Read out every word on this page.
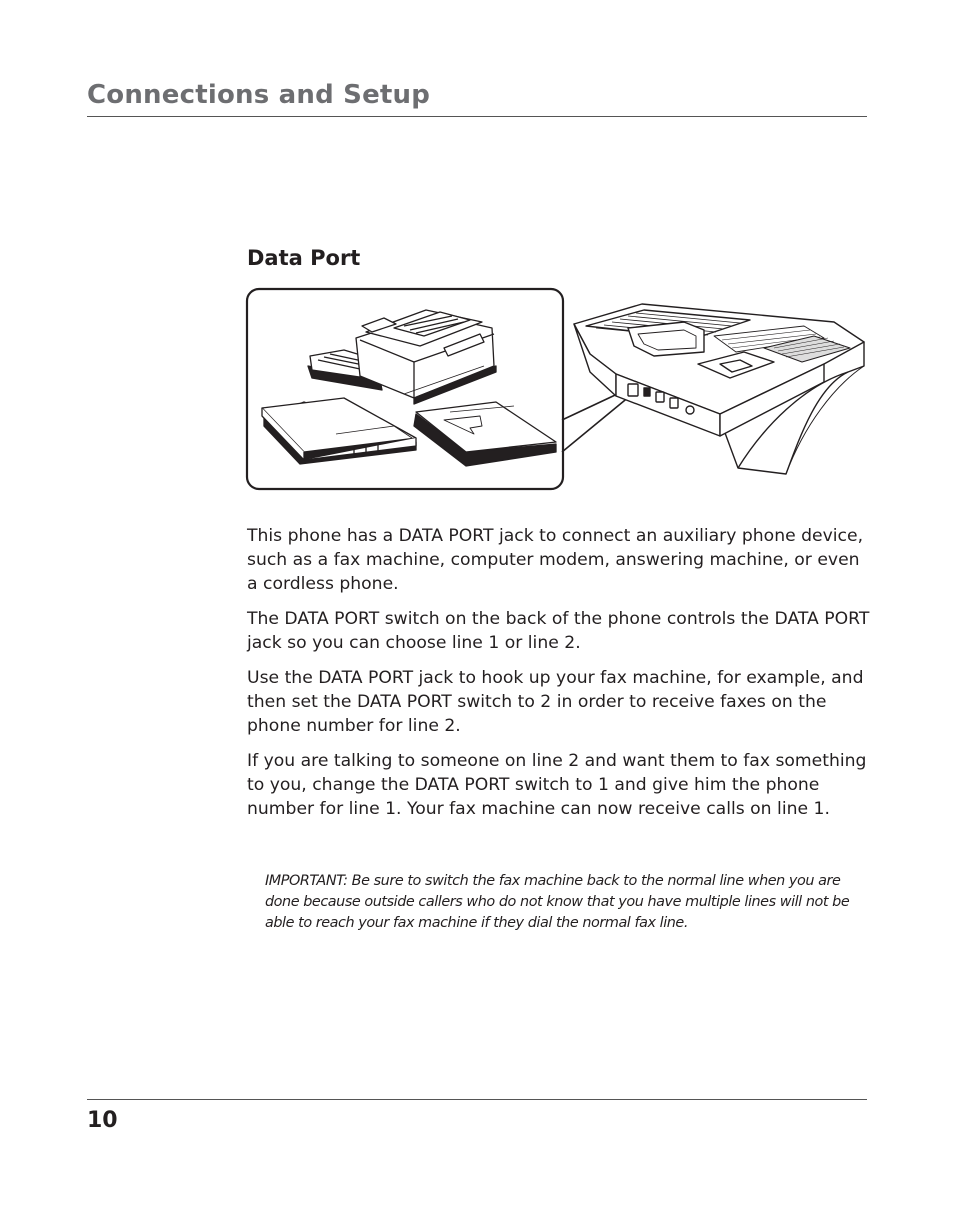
Connections and Setup
Data Port

This phone has a DATA PORT jack to connect an auxiliary phone device, such as a fax machine, computer modem, answering machine, or even a cordless phone.

The DATA PORT switch on the back of the phone controls the DATA PORT jack so you can choose line 1 or line 2.

Use the DATA PORT jack to hook up your fax machine, for example, and then set the DATA PORT switch to 2 in order to receive faxes on the phone number for line 2.

If you are talking to someone on line 2 and want them to fax something to you, change the DATA PORT switch to 1 and give him the phone number for line 1. Your fax machine can now receive calls on line 1.

IMPORTANT: Be sure to switch the fax machine back to the normal line when you are done because outside callers who do not know that you have multiple lines will not be able to reach your fax machine if they dial the normal fax line.

10
